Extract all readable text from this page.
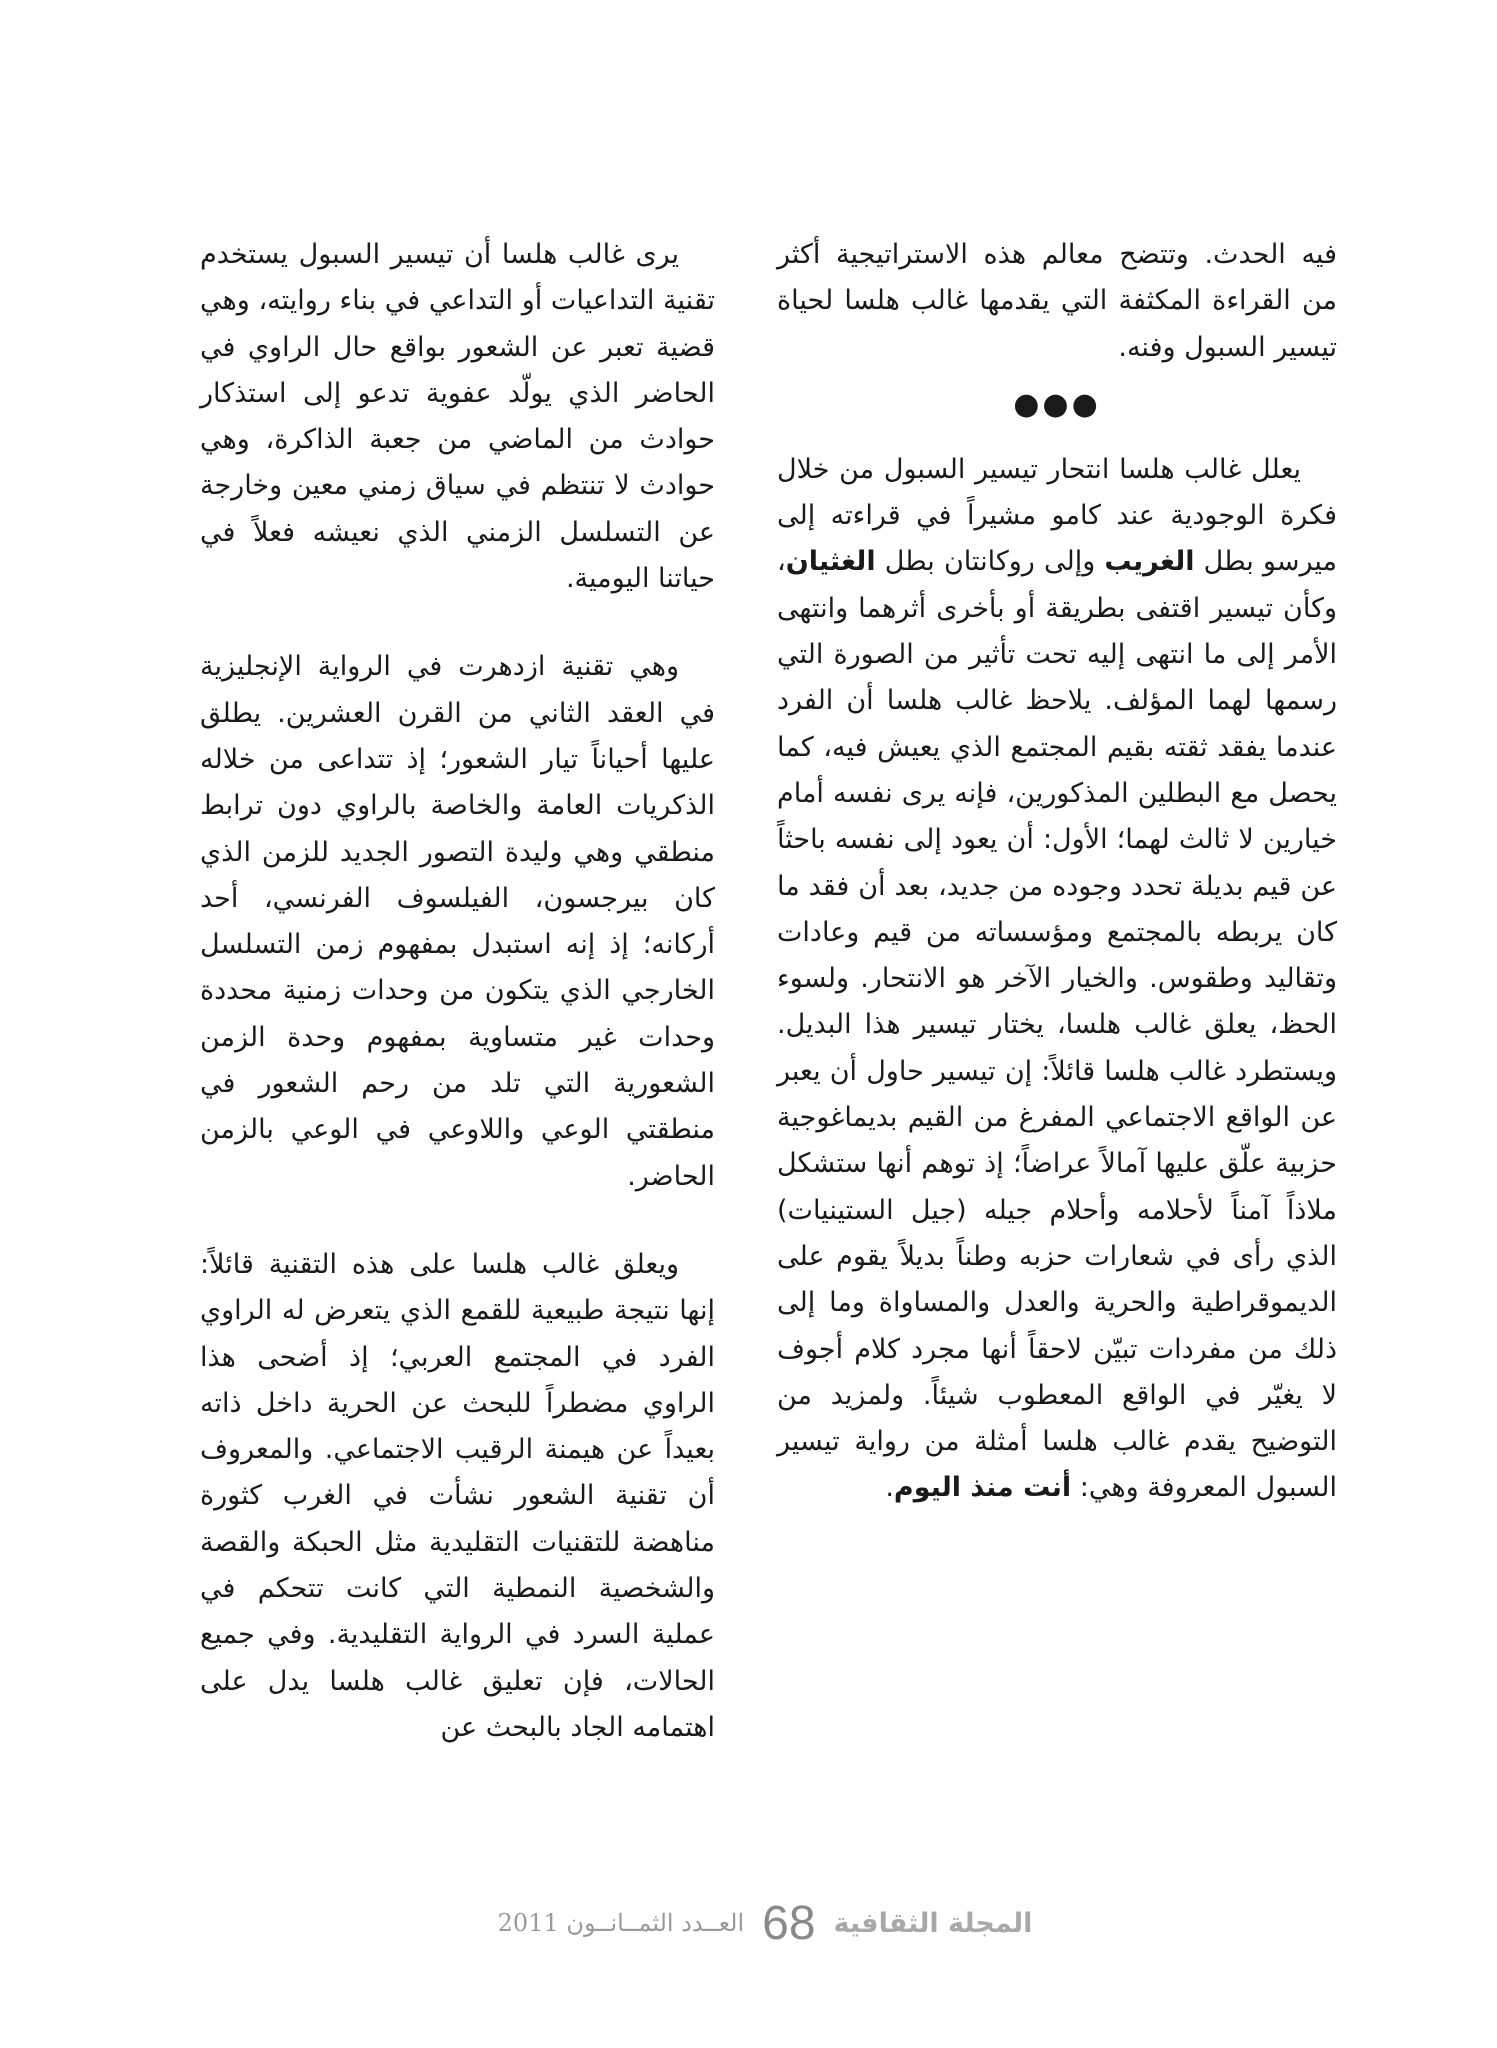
فيه الحدث. وتتضح معالم هذه الاستراتيجية أكثر من القراءة المكثفة التي يقدمها غالب هلسا لحياة تيسير السبول وفنه.

●●●

يعلل غالب هلسا انتحار تيسير السبول من خلال فكرة الوجودية عند كامو مشيراً في قراءته إلى ميرسو بطل الغريب وإلى روكانتان بطل الغثيان، وكأن تيسير اقتفى بطريقة أو بأخرى أثرهما وانتهى الأمر إلى ما انتهى إليه تحت تأثير من الصورة التي رسمها لهما المؤلف. يلاحظ غالب هلسا أن الفرد عندما يفقد ثقته بقيم المجتمع الذي يعيش فيه، كما يحصل مع البطلين المذكورين، فإنه يرى نفسه أمام خيارين لا ثالث لهما؛ الأول: أن يعود إلى نفسه باحثاً عن قيم بديلة تحدد وجوده من جديد، بعد أن فقد ما كان يربطه بالمجتمع ومؤسساته من قيم وعادات وتقاليد وطقوس. والخيار الآخر هو الانتحار. ولسوء الحظ، يعلق غالب هلسا، يختار تيسير هذا البديل. ويستطرد غالب هلسا قائلاً: إن تيسير حاول أن يعبر عن الواقع الاجتماعي المفرغ من القيم بديماغوجية حزبية علّق عليها آمالاً عراضاً؛ إذ توهم أنها ستشكل ملاذاً آمناً لأحلامه وأحلام جيله (جيل الستينيات) الذي رأى في شعارات حزبه وطناً بديلاً يقوم على الديموقراطية والحرية والعدل والمساواة وما إلى ذلك من مفردات تبيّن لاحقاً أنها مجرد كلام أجوف لا يغيّر في الواقع المعطوب شيئاً. ولمزيد من التوضيح يقدم غالب هلسا أمثلة من رواية تيسير السبول المعروفة وهي: أنت منذ اليوم.

يرى غالب هلسا أن تيسير السبول يستخدم تقنية التداعيات أو التداعي في بناء روايته، وهي قضية تعبر عن الشعور بواقع حال الراوي في الحاضر الذي يولّد عفوية تدعو إلى استذكار حوادث من الماضي من جعبة الذاكرة، وهي حوادث لا تنتظم في سياق زمني معين وخارجة عن التسلسل الزمني الذي نعيشه فعلاً في حياتنا اليومية.

وهي تقنية ازدهرت في الرواية الإنجليزية في العقد الثاني من القرن العشرين. يطلق عليها أحياناً تيار الشعور؛ إذ تتداعى من خلاله الذكريات العامة والخاصة بالراوي دون ترابط منطقي وهي وليدة التصور الجديد للزمن الذي كان بيرجسون، الفيلسوف الفرنسي، أحد أركانه؛ إذ إنه استبدل بمفهوم زمن التسلسل الخارجي الذي يتكون من وحدات زمنية محددة وحدات غير متساوية بمفهوم وحدة الزمن الشعورية التي تلد من رحم الشعور في منطقتي الوعي واللاوعي في الوعي بالزمن الحاضر.

ويعلق غالب هلسا على هذه التقنية قائلاً: إنها نتيجة طبيعية للقمع الذي يتعرض له الراوي الفرد في المجتمع العربي؛ إذ أضحى هذا الراوي مضطراً للبحث عن الحرية داخل ذاته بعيداً عن هيمنة الرقيب الاجتماعي. والمعروف أن تقنية الشعور نشأت في الغرب كثورة مناهضة للتقنيات التقليدية مثل الحبكة والقصة والشخصية النمطية التي كانت تتحكم في عملية السرد في الرواية التقليدية. وفي جميع الحالات، فإن تعليق غالب هلسا يدل على اهتمامه الجاد بالبحث عن

العــدد الثمــانــون 2011 68 المجلة الثقافية
